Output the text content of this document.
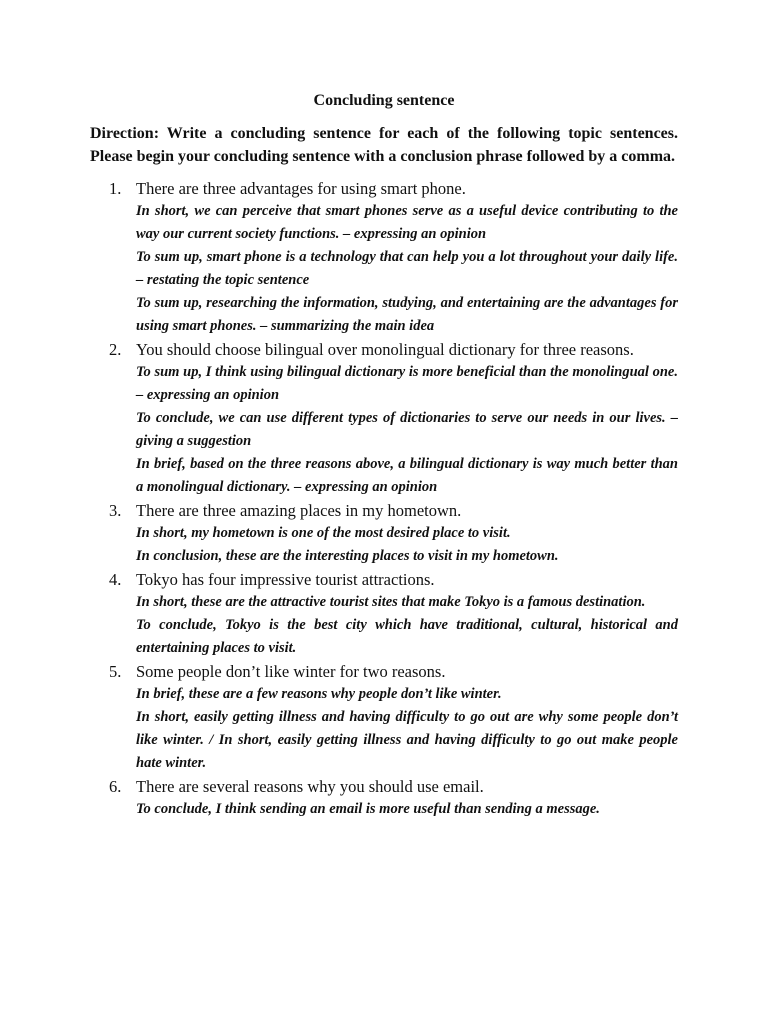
Concluding sentence
Direction: Write a concluding sentence for each of the following topic sentences. Please begin your concluding sentence with a conclusion phrase followed by a comma.
1. There are three advantages for using smart phone.
In short, we can perceive that smart phones serve as a useful device contributing to the way our current society functions. – expressing an opinion
To sum up, smart phone is a technology that can help you a lot throughout your daily life. – restating the topic sentence
To sum up, researching the information, studying, and entertaining are the advantages for using smart phones. – summarizing the main idea
2. You should choose bilingual over monolingual dictionary for three reasons.
To sum up, I think using bilingual dictionary is more beneficial than the monolingual one. – expressing an opinion
To conclude, we can use different types of dictionaries to serve our needs in our lives. – giving a suggestion
In brief, based on the three reasons above, a bilingual dictionary is way much better than a monolingual dictionary. – expressing an opinion
3. There are three amazing places in my hometown.
In short, my hometown is one of the most desired place to visit.
In conclusion, these are the interesting places to visit in my hometown.
4. Tokyo has four impressive tourist attractions.
In short, these are the attractive tourist sites that make Tokyo is a famous destination.
To conclude, Tokyo is the best city which have traditional, cultural, historical and entertaining places to visit.
5. Some people don’t like winter for two reasons.
In brief, these are a few reasons why people don’t like winter.
In short, easily getting illness and having difficulty to go out are why some people don’t like winter. / In short, easily getting illness and having difficulty to go out make people hate winter.
6. There are several reasons why you should use email.
To conclude, I think sending an email is more useful than sending a message.
